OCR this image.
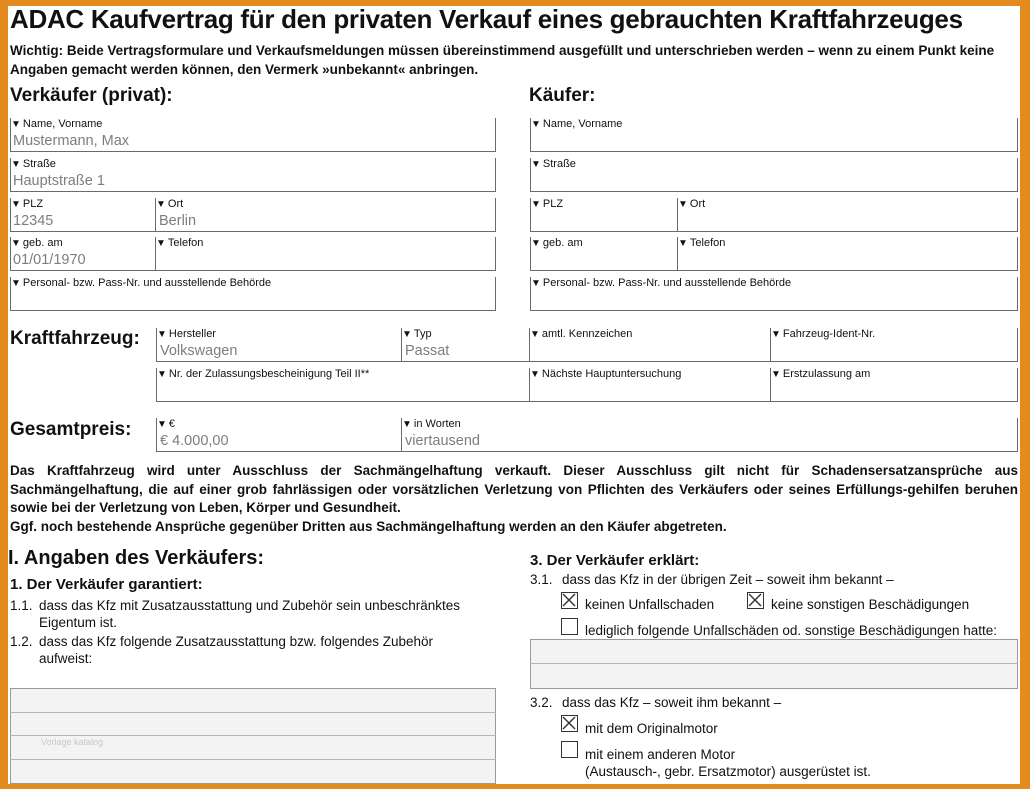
ADAC Kaufvertrag für den privaten Verkauf eines gebrauchten Kraftfahrzeuges
Wichtig: Beide Vertragsformulare und Verkaufsmeldungen müssen übereinstimmend ausgefüllt und unterschrieben werden – wenn zu einem Punkt keine Angaben gemacht werden können, den Vermerk »unbekannt« anbringen.
Verkäufer (privat):	Käufer:
▼ Name, Vorname
Mustermann, Max
▼ Straße
Hauptstraße 1
▼ PLZ
12345
▼ Ort
Berlin
▼ geb. am
01/01/1970
▼ Telefon
▼ Personal- bzw. Pass-Nr. und ausstellende Behörde
▼ Name, Vorname
▼ Straße
▼ PLZ	▼ Ort
▼ geb. am	▼ Telefon
▼ Personal- bzw. Pass-Nr. und ausstellende Behörde
Kraftfahrzeug: ▼ Hersteller
Volkswagen
▼ Typ
Passat
▼ amtl. Kennzeichen	▼ Fahrzeug-Ident-Nr.
▼ Nr. der Zulassungsbescheinigung Teil II**	▼ Nächste Hauptuntersuchung	▼ Erstzulassung am
Gesamtpreis:	▼ €
€ 4.000,00
▼ in Worten
viertausend
Das Kraftfahrzeug wird unter Ausschluss der Sachmängelhaftung verkauft. Dieser Ausschluss gilt nicht für Schadensersatzansprüche aus Sachmängelhaftung, die auf einer grob fahrlässigen oder vorsätzlichen Verletzung von Pflichten des Verkäufers oder seines Erfüllungs-gehilfen beruhen sowie bei der Verletzung von Leben, Körper und Gesundheit.
Ggf. noch bestehende Ansprüche gegenüber Dritten aus Sachmängelhaftung werden an den Käufer abgetreten.
I. Angaben des Verkäufers:
1. Der Verkäufer garantiert:
1.1. dass das Kfz mit Zusatzausstattung und Zubehör sein unbeschränktes Eigentum ist.
1.2. dass das Kfz folgende Zusatzausstattung bzw. folgendes Zubehör aufweist:
Vorlage katalog
3. Der Verkäufer erklärt:
3.1. dass das Kfz in der übrigen Zeit – soweit ihm bekannt –
keinen Unfallschaden	keine sonstigen Beschädigungen
lediglich folgende Unfallschäden od. sonstige Beschädigungen hatte:
3.2. dass das Kfz – soweit ihm bekannt –
mit dem Originalmotor
mit einem anderen Motor
(Austausch-, gebr. Ersatzmotor) ausgerüstet ist.
